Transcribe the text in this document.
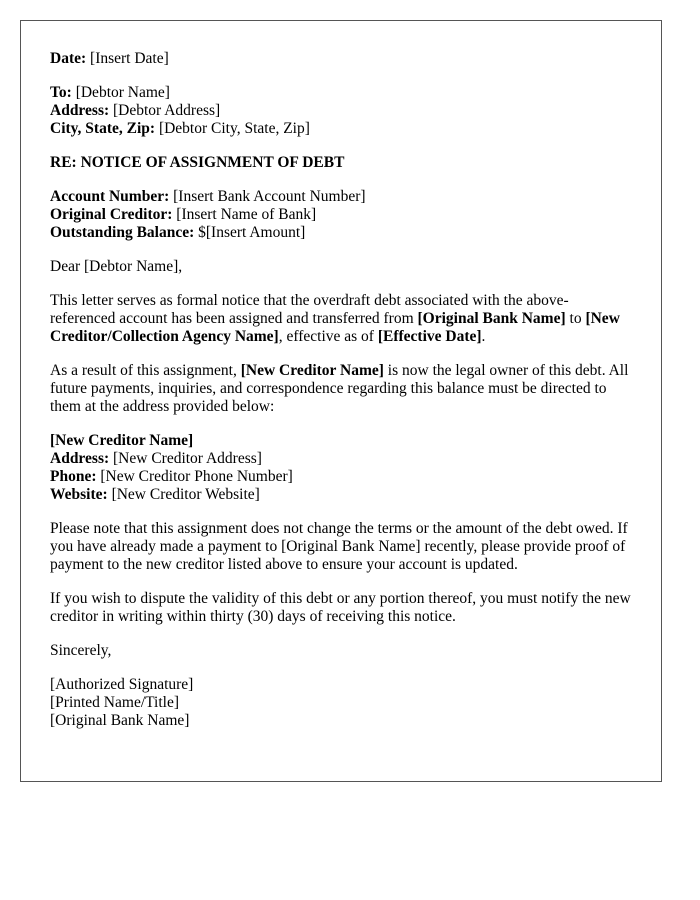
Date: [Insert Date]
To: [Debtor Name]
Address: [Debtor Address]
City, State, Zip: [Debtor City, State, Zip]
RE: NOTICE OF ASSIGNMENT OF DEBT
Account Number: [Insert Bank Account Number]
Original Creditor: [Insert Name of Bank]
Outstanding Balance: $[Insert Amount]
Dear [Debtor Name],

This letter serves as formal notice that the overdraft debt associated with the above-referenced account has been assigned and transferred from [Original Bank Name] to [New Creditor/Collection Agency Name], effective as of [Effective Date].

As a result of this assignment, [New Creditor Name] is now the legal owner of this debt. All future payments, inquiries, and correspondence regarding this balance must be directed to them at the address provided below:

[New Creditor Name]
Address: [New Creditor Address]
Phone: [New Creditor Phone Number]
Website: [New Creditor Website]

Please note that this assignment does not change the terms or the amount of the debt owed. If you have already made a payment to [Original Bank Name] recently, please provide proof of payment to the new creditor listed above to ensure your account is updated.

If you wish to dispute the validity of this debt or any portion thereof, you must notify the new creditor in writing within thirty (30) days of receiving this notice.

Sincerely,
[Authorized Signature]
[Printed Name/Title]
[Original Bank Name]
